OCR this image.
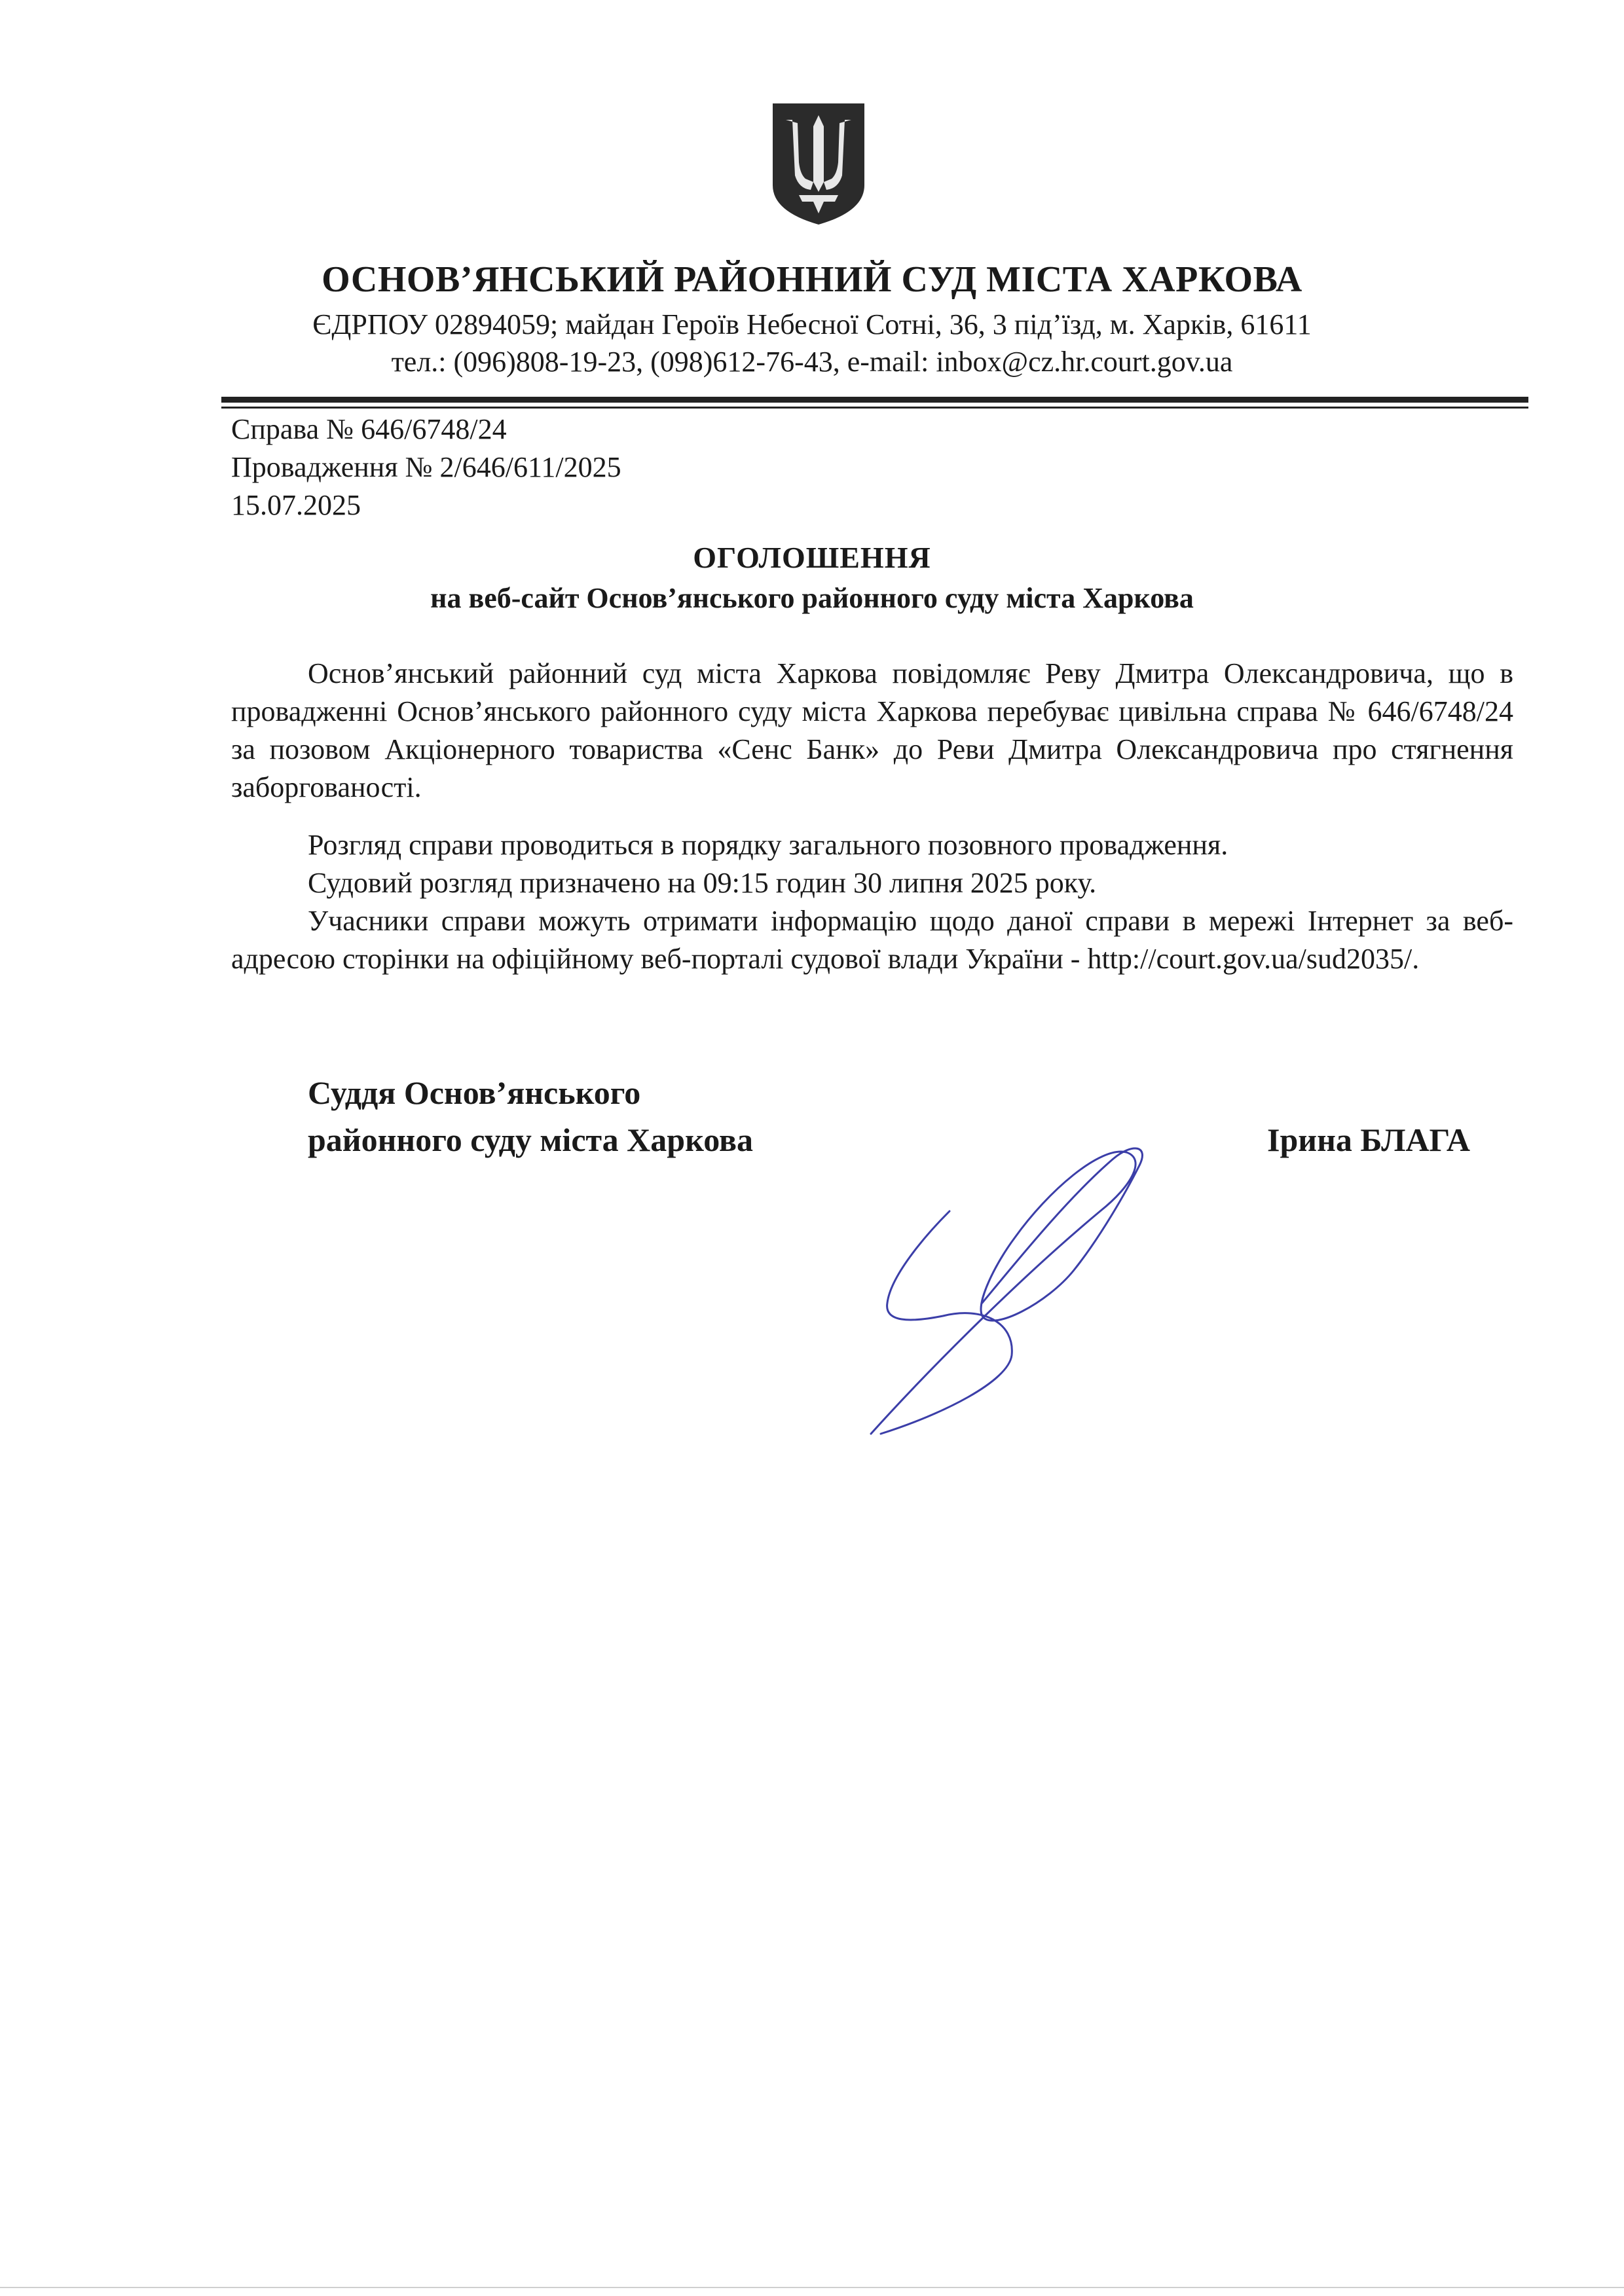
ОСНОВ’ЯНСЬКИЙ РАЙОННИЙ СУД МІСТА ХАРКОВА
ЄДРПОУ 02894059; майдан Героїв Небесної Сотні, 36, 3 під’їзд, м. Харків, 61611
тел.: (096)808-19-23, (098)612-76-43, e-mail: inbox@cz.hr.court.gov.ua
Справа № 646/6748/24
Провадження № 2/646/611/2025
15.07.2025
ОГОЛОШЕННЯ
на веб-сайт Основ’янського районного суду міста Харкова

Основ’янський районний суд міста Харкова повідомляє Реву Дмитра Олександровича, що в провадженні Основ’янського районного суду міста Харкова перебуває цивільна справа № 646/6748/24 за позовом Акціонерного товариства «Сенс Банк» до Реви Дмитра Олександровича про стягнення заборгованості.

Розгляд справи проводиться в порядку загального позовного провадження.

Судовий розгляд призначено на 09:15 годин 30 липня 2025 року.

Учасники справи можуть отримати інформацію щодо даної справи в мережі Інтернет за веб-адресою сторінки на офіційному веб-порталі судової влади України - http://court.gov.ua/sud2035/.

Суддя Основ’янського
районного суду міста Харкова	Ірина БЛАГА
